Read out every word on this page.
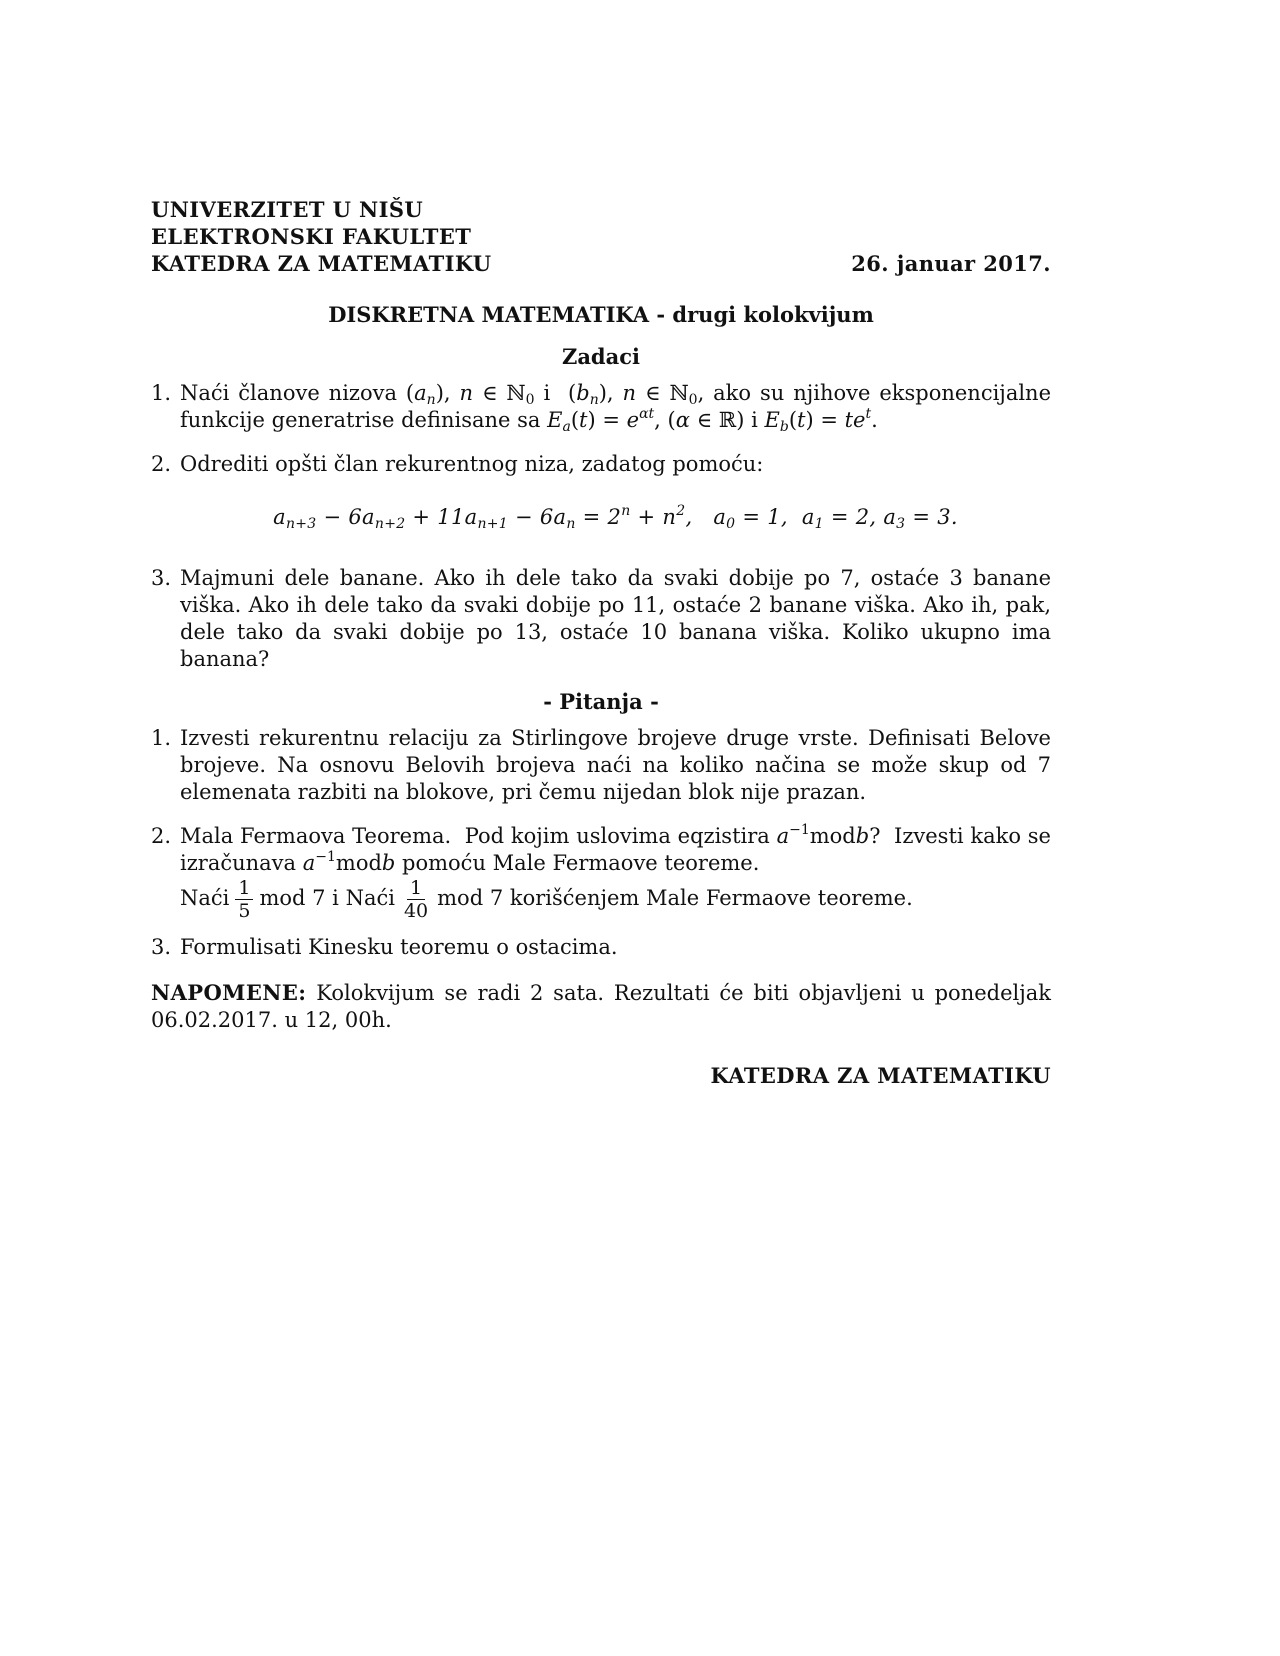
UNIVERZITET U NIŠU
ELEKTRONSKI FAKULTET
KATEDRA ZA MATEMATIKU	26. januar 2017.
DISKRETNA MATEMATIKA - drugi kolokvijum
Zadaci
1. Naći članove nizova $(a_n)$, n ∈ ℕ$_0$ i  $(b_n)$, n ∈ ℕ$_0$, ako su njihove eksponencijalne funkcije generatrise definisane sa $E_a(t) = e^{\alpha t}$, (α ∈ ℝ) i $E_b(t) = te^t$.
2. Odrediti opšti član rekurentnog niza, zadatog pomoću:
$a_{n+3} - 6a_{n+2} + 11a_{n+1} - 6a_n = 2^n + n^2$,   $a_0 = 1$,  $a_1 = 2$, $a_3 = 3$.
3. Majmuni dele banane. Ako ih dele tako da svaki dobije po 7, ostaće 3 banane viška. Ako ih dele tako da svaki dobije po 11, ostaće 2 banane viška. Ako ih, pak, dele tako da svaki dobije po 13, ostaće 10 banana viška. Koliko ukupno ima banana?
- Pitanja -
1. Izvesti rekurentnu relaciju za Stirlingove brojeve druge vrste. Definisati Belove brojeve. Na osnovu Belovih brojeva naći na koliko načina se može skup od 7 elemenata razbiti na blokove, pri čemu nijedan blok nije prazan.
2. Mala Fermaova Teorema.  Pod kojim uslovima eqzistira $a^{-1}modb$?  Izvesti kako se izračunava $a^{-1}modb$ pomoću Male Fermaove teoreme.
Naći $\frac{1}{5}$ mod 7 i Naći $\frac{1}{40}$ mod 7 korišćenjem Male Fermaove teoreme.
3. Formulisati Kinesku teoremu o ostacima.
NAPOMENE: Kolokvijum se radi 2 sata. Rezultati će biti objavljeni u ponedeljak 06.02.2017. u 12, 00h.
KATEDRA ZA MATEMATIKU
